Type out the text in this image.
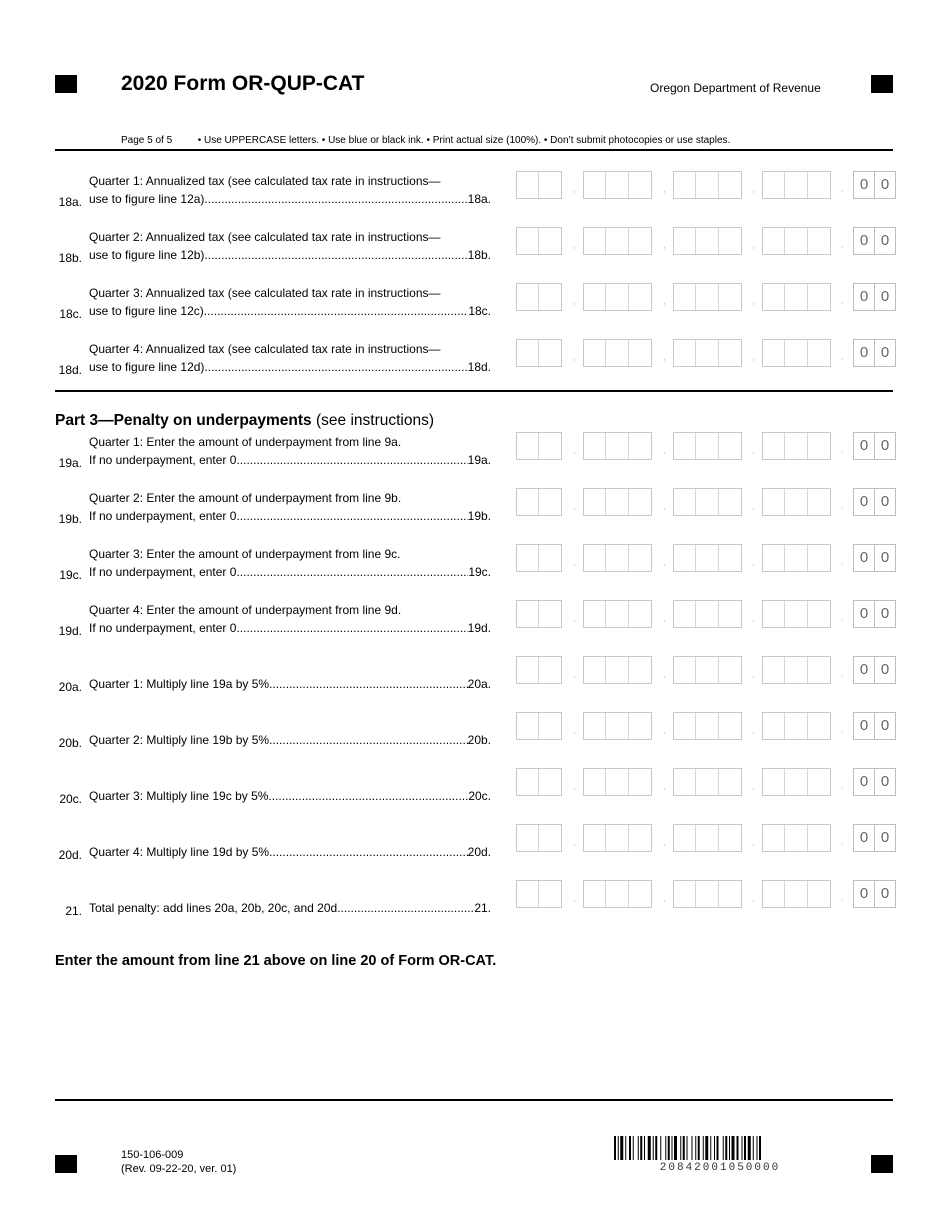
2020 Form OR-QUP-CAT	Oregon Department of Revenue
Page 5 of 5	• Use UPPERCASE letters. • Use blue or black ink. • Print actual size (100%). • Don’t submit photocopies or use staples.
18a.
Quarter 1: Annualized tax (see calculated tax rate in instructions—
use to figure line 12a) .....	18a.
,	,	,	.	0 0
18b.
Quarter 2: Annualized tax (see calculated tax rate in instructions—
use to figure line 12b) .....	18b.
,	,	,	.	0 0
18c.
Quarter 3: Annualized tax (see calculated tax rate in instructions—
use to figure line 12c) .....	18c.
,	,	,	.	0 0
18d.
Quarter 4: Annualized tax (see calculated tax rate in instructions—
use to figure line 12d) .....	18d.
,	,	,	.	0 0
Part 3—Penalty on underpayments (see instructions)
19a.
Quarter 1: Enter the amount of underpayment from line 9a.
If no underpayment, enter 0 .....	19a.
,	,	,	.	0 0
19b.
Quarter 2: Enter the amount of underpayment from line 9b.
If no underpayment, enter 0 .....	19b.
,	,	,	.	0 0
19c.
Quarter 3: Enter the amount of underpayment from line 9c.
If no underpayment, enter 0 .....	19c.
,	,	,	.	0 0
19d.
Quarter 4: Enter the amount of underpayment from line 9d.
If no underpayment, enter 0 .....	19d.
,	,	,	.	0 0
20a.
Quarter 1: Multiply line 19a by 5% .....	20a.
,	,	,	.	0 0
20b.
Quarter 2: Multiply line 19b by 5% .....	20b.
,	,	,	.	0 0
20c.
Quarter 3: Multiply line 19c by 5% .....	20c.
,	,	,	.	0 0
20d.
Quarter 4: Multiply line 19d by 5% .....	20d.
,	,	,	.	0 0
21.
Total penalty: add lines 20a, 20b, 20c, and 20d .....	21.
,	,	,	.	0 0
Enter the amount from line 21 above on line 20 of Form OR-CAT.
150-106-009
(Rev. 09-22-20, ver. 01)	20842001050000
